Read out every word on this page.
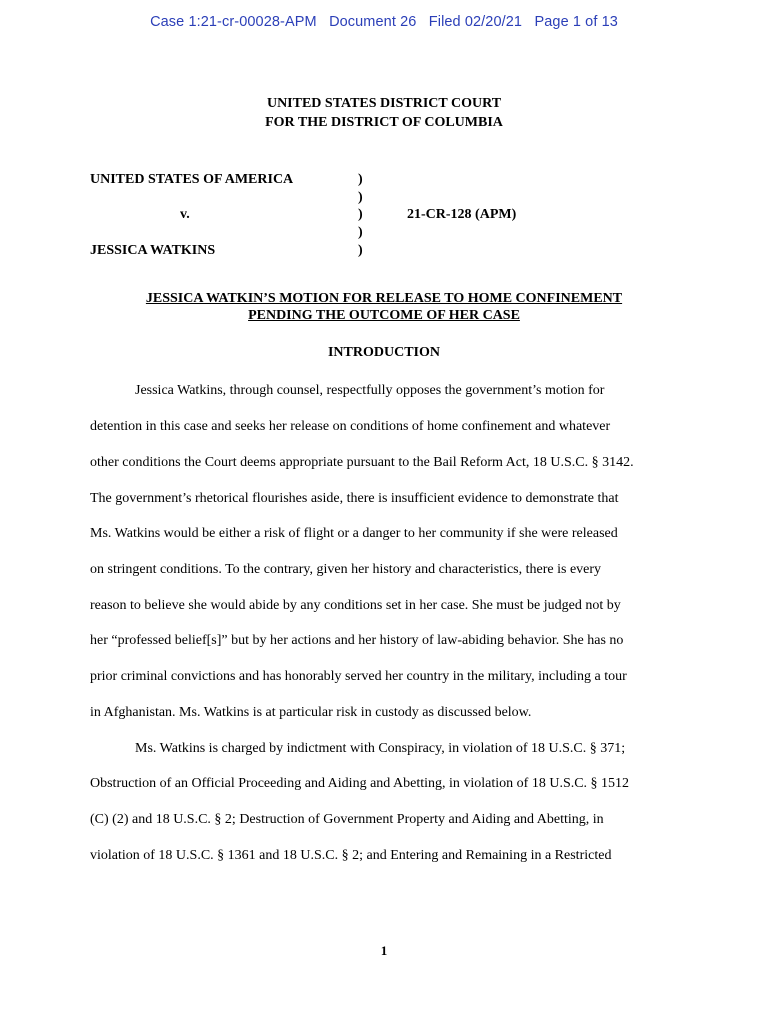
Case 1:21-cr-00028-APM Document 26 Filed 02/20/21 Page 1 of 13
UNITED STATES DISTRICT COURT
FOR THE DISTRICT OF COLUMBIA
UNITED STATES OF AMERICA
v.
JESSICA WATKINS
21-CR-128 (APM)
)
)
)
)
)
JESSICA WATKIN’S MOTION FOR RELEASE TO HOME CONFINEMENT
PENDING THE OUTCOME OF HER CASE
INTRODUCTION
Jessica Watkins, through counsel, respectfully opposes the government’s motion for
detention in this case and seeks her release on conditions of home confinement and whatever
other conditions the Court deems appropriate pursuant to the Bail Reform Act, 18 U.S.C. § 3142.
The government’s rhetorical flourishes aside, there is insufficient evidence to demonstrate that
Ms. Watkins would be either a risk of flight or a danger to her community if she were released
on stringent conditions. To the contrary, given her history and characteristics, there is every
reason to believe she would abide by any conditions set in her case. She must be judged not by
her “professed belief[s]” but by her actions and her history of law-abiding behavior. She has no
prior criminal convictions and has honorably served her country in the military, including a tour
in Afghanistan. Ms. Watkins is at particular risk in custody as discussed below.
Ms. Watkins is charged by indictment with Conspiracy, in violation of 18 U.S.C. § 371;
Obstruction of an Official Proceeding and Aiding and Abetting, in violation of 18 U.S.C. § 1512
(C) (2) and 18 U.S.C. § 2; Destruction of Government Property and Aiding and Abetting, in
violation of 18 U.S.C. § 1361 and 18 U.S.C. § 2; and Entering and Remaining in a Restricted
1
